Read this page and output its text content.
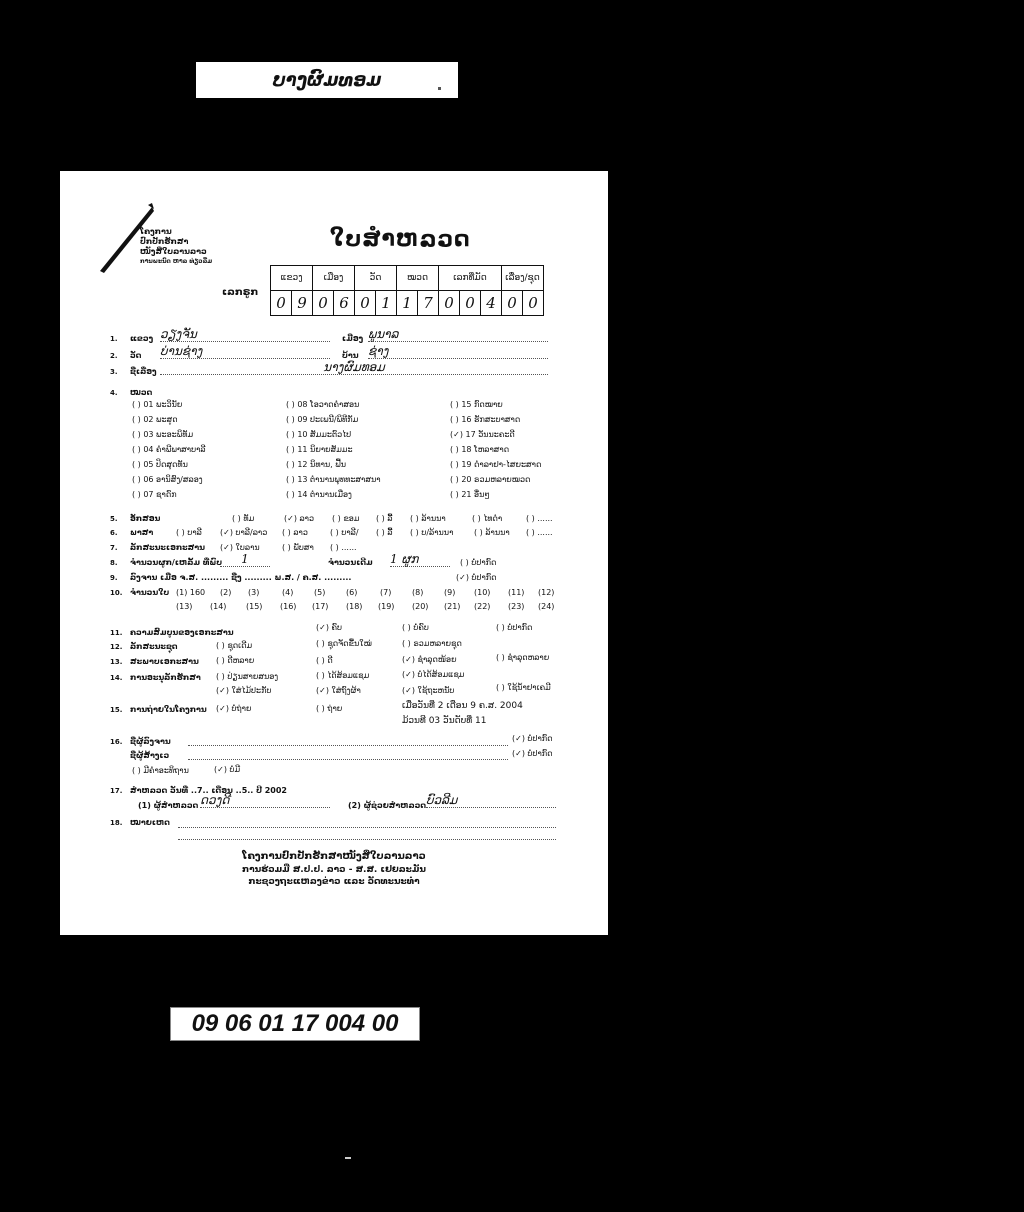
ບາງຜົມທອມ
ໂຄງການ
ປົກປັກຮັກສາ
ໜັງສືໃບລານລາວ
ການພະນົດ ຫາລ ທ່ຽວລີ່ມ
ໃບສໍາຫລວດ
ເລກຣູກ
ແຂວງ		ເມືອງ		ວັດ		ໝວດ		ເລກທີ່ມັດ			ເລື່ອງ/ຊຸດ	
0	9	0	6	0	1	1	7	0	0	4	0	0
1. ແຂວງ ວຽງຈັນ	ເມືອງ ພູນາລ
2. ວັດ ບ່ານຊ່າງ	ບ້ານ ຊ່າງ
3. ຊື່ເລື່ອງ	ນາງຜົມທອມ
4. ໝວດ
( ) 01 ພະວິນັຍ
( ) 02 ພະສູດ
( ) 03 ພະອະພິທັມ
( ) 04 ຄໍາພີພາສາບາລີ
( ) 05 ປິດສຸດທັນ
( ) 06 ອານິສົງ/ສລອງ
( ) 07 ຊາດົກ
( ) 08 ໂອວາດຄໍາສອນ
( ) 09 ປະເພນີ/ພິທີກັມ
( ) 10 ສັມມະຕົວໄປ
( ) 11 ນິຍາຍສັມມະ
( ) 12 ນິທານ, ຟື້ນ
( ) 13 ຕໍານານພຸທທະສາສນາ
( ) 14 ຕໍານານເມືອງ
( ) 15 ກົດໝາຍ
( ) 16 ຮັກສະບາສາດ
(✓) 17 ວັນນະຄະດີ
( ) 18 ໂຫລາສາດ
( ) 19 ດໍາລາຢາ-ໄສຍະສາດ
( ) 20 ຣວມຫລາຍໝວດ
( ) 21 ອື່ນໆ
5. ອັກສອນ	( ) ທັມ	(✓) ລາວ ( ) ຂອມ ( ) ລື້ ( ) ລ້ານນາ	( ) ໄທດໍາ	( ) ......
6. ພາສາ	( ) ບາລີ (✓) ບາລີ/ລາວ ( ) ລາວ	( ) ບາລີ/ ( ) ລື້ ( ) ບ/ລ້ານນາ	( ) ລ້ານນາ ( ) ......
7. ລັກສະນະເອກະສານ (✓) ໃບລານ	( ) ພັບສາ ( ) ......
8. ຈໍານວນຜູກ/ເຫລັ້ມ ທີ່ພົບ	1	ຈໍານວນເດີມ 1 ຜູກ	( ) ບໍ່ປາກົດ
9. ລົງຈານ ເມື່ອ ຈ.ສ. ......... ຊື່ງ ......... ພ.ສ. / ຄ.ສ. .........	(✓) ບໍ່ປາກົດ
10. ຈໍານວນໃບ (1) 160 (2) (3)	(4)	(5)	(6)	(7)	(8)	(9) (10) (11) (12)
(13) (14) (15) (16) (17) (18) (19) (20) (21) (22) (23) (24)
11. ຄວາມສົມບູນຂອງເອກະສານ
(✓) ຄົບ	( ) ບໍ່ຄົບ	( ) ບໍ່ປາກົດ
12. ລັກສະນະຊຸດ	( ) ຊຸດເດີມ	( ) ຊຸດຈັດຂື້ນໃໝ່	( ) ຣວມຫລາຍຊຸດ
13. ສະພາບເອກະສານ ( ) ດີຫລາຍ	( ) ດີ	(✓) ຊໍາລຸດໜ້ອຍ	( ) ຊໍາລຸດຫລາຍ
14. ການອະນຸລັກຮັກສາ ( ) ປ່ຽນສາຍສນອງ	( ) ໄດ້ສ້ອມແຊມ	(✓) ບໍ່ໄດ້ສ້ອມແຊມ
(✓) ໃສ່ໄມ້ປະກັບ	(✓) ໃສ່ຖົງຜ້າ	(✓) ໃຊ້ຖະຫນັບ	( ) ໃຊ້ນ້ຳຢາເຄມີ
15. ການຖ່າຍໃນໂຄງການ (✓) ບໍ່ຖ່າຍ	( ) ຖ່າຍ	ເມື່ອວັນທີ່ 2 ເດືອນ 9 ຄ.ສ. 2004
ມ້ວນທີ 03 ວັນດັບທີ່ 11
16. ຊື່ຜູ້ລົງຈານ	(✓) ບໍ່ປາກົດ
ຊື່ຜູ້ສ້າງເວ	(✓) ບໍ່ປາກົດ
( ) ມີຄໍາອະທິຖານ	(✓) ບໍ່ມີ
17. ສໍາຫລວດ ວັນທີ່ ..7.. ເດືອນ ..5.. ປີ 2002
(1) ຜູ້ສໍາຫລວດ ດວງດີ	(2) ຜູ້ຊ່ວຍສໍາຫລວດ ບົວລີມ
18. ໝາຍເຫດ
ໂຄງການປົກປັກຮັກສາໜັງສືໃບລານລາວ
ການຮ່ວມມື ສ.ປ.ປ. ລາວ - ສ.ສ. ເຢຍລະມັນ
ກະຊວງຖະແຫລງຂ່າວ ແລະ ວັດທະນະທໍາ
09 06 01 17 004 00
